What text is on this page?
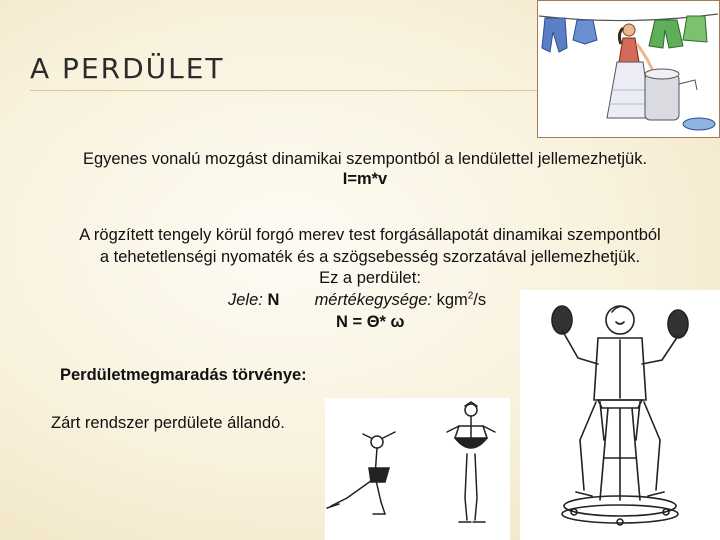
A PERDÜLET
Egyenes vonalú mozgást dinamikai szempontból a lendülettel jellemezhetjük.
I=m*v
A rögzített tengely körül forgó merev test forgásállapotát dinamikai szempontból
a tehetetlenségi nyomaték és a szögsebesség szorzatával jellemezhetjük.
Ez a perdület:
Jele: N mértékegysége: kgm$^2$/s
N = Θ* ω
Perdületmegmaradás törvénye:
Zárt rendszer perdülete állandó.
